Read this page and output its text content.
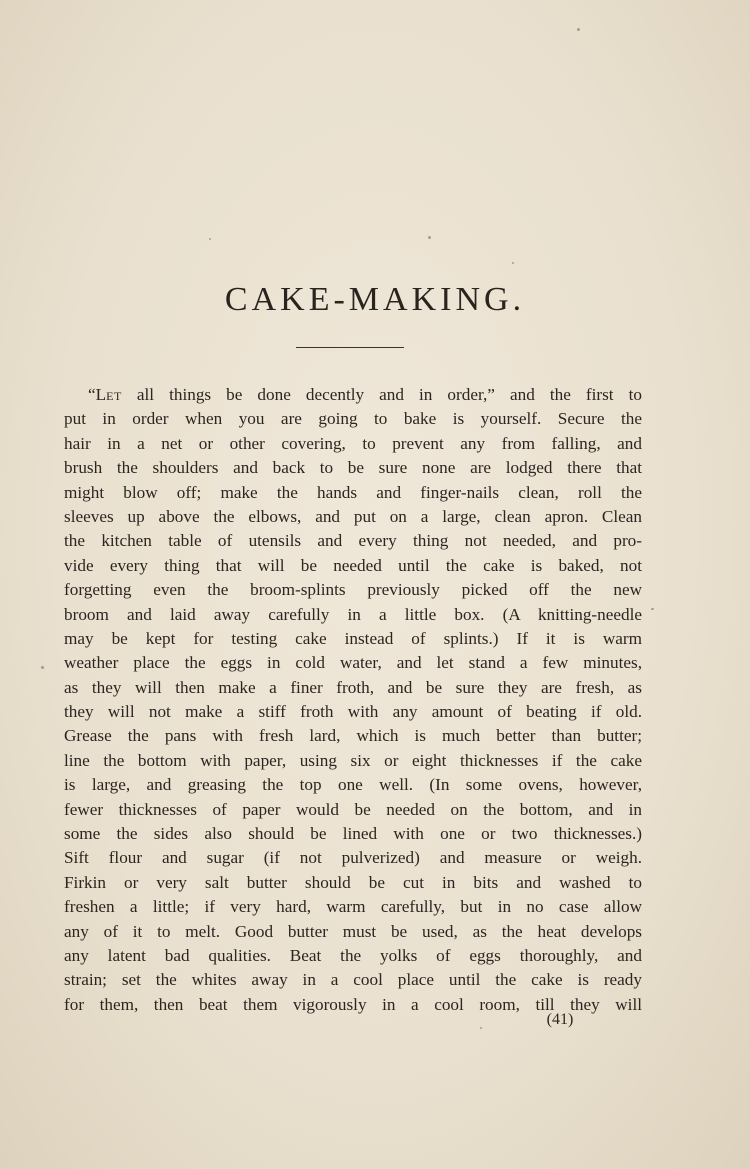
CAKE-MAKING.
“Let all things be done decently and in order,” and the first to
put in order when you are going to bake is yourself. Secure the
hair in a net or other covering, to prevent any from falling, and
brush the shoulders and back to be sure none are lodged there that
might blow off; make the hands and finger-nails clean, roll the
sleeves up above the elbows, and put on a large, clean apron. Clean
the kitchen table of utensils and every thing not needed, and pro-
vide every thing that will be needed until the cake is baked, not
forgetting even the broom-splints previously picked off the new
broom and laid away carefully in a little box. (A knitting-needle
may be kept for testing cake instead of splints.) If it is warm
weather place the eggs in cold water, and let stand a few minutes,
as they will then make a finer froth, and be sure they are fresh, as
they will not make a stiff froth with any amount of beating if old.
Grease the pans with fresh lard, which is much better than butter;
line the bottom with paper, using six or eight thicknesses if the cake
is large, and greasing the top one well. (In some ovens, however,
fewer thicknesses of paper would be needed on the bottom, and in
some the sides also should be lined with one or two thicknesses.)
Sift flour and sugar (if not pulverized) and measure or weigh.
Firkin or very salt butter should be cut in bits and washed to
freshen a little; if very hard, warm carefully, but in no case allow
any of it to melt. Good butter must be used, as the heat develops
any latent bad qualities. Beat the yolks of eggs thoroughly, and
strain; set the whites away in a cool place until the cake is ready
for them, then beat them vigorously in a cool room, till they will
(41)
